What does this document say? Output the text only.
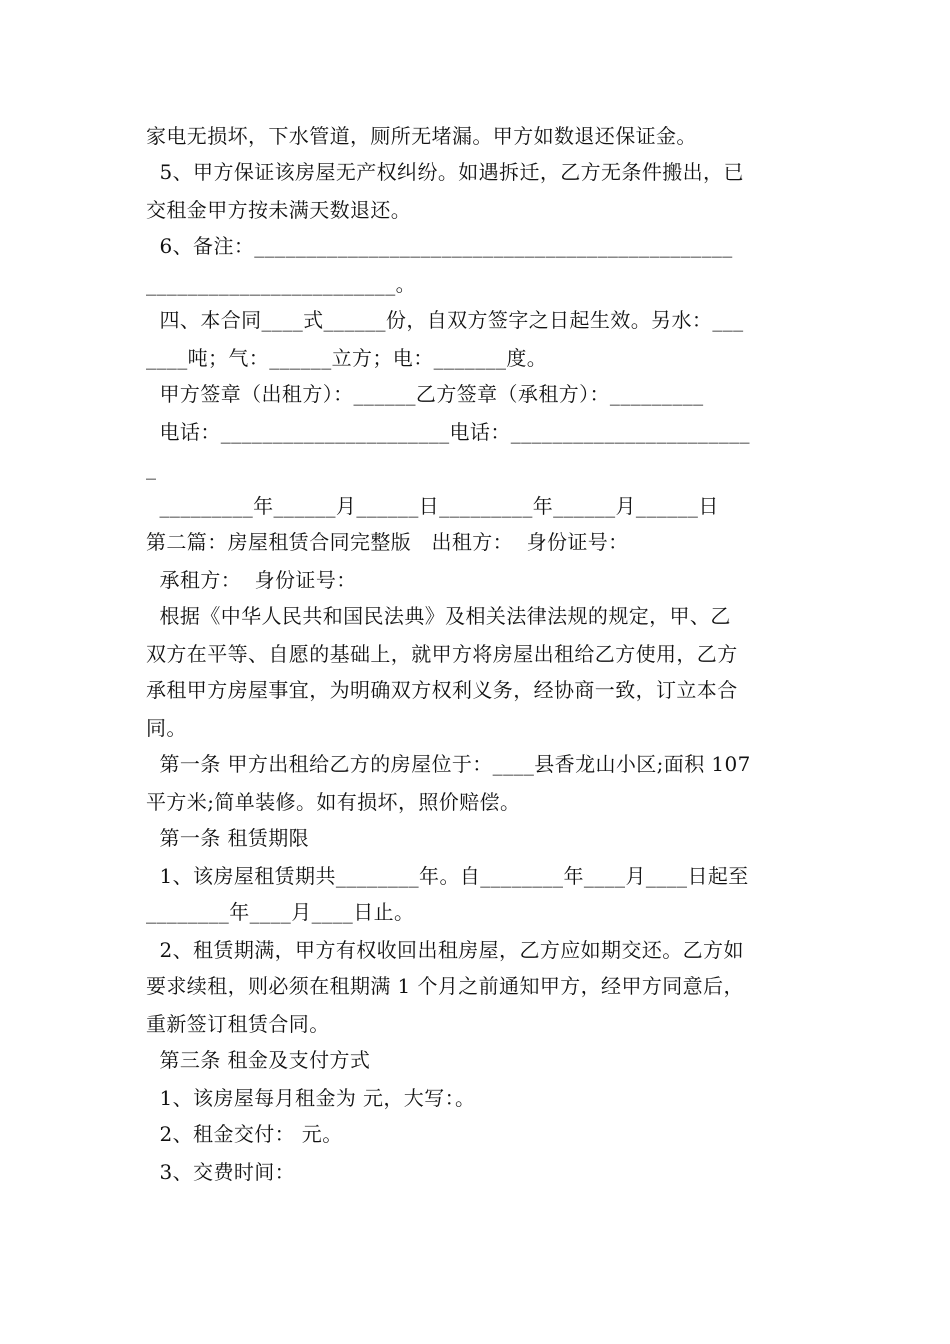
家电无损坏，下水管道，厕所无堵漏。甲方如数退还保证金。
5、甲方保证该房屋无产权纠纷。如遇拆迁，乙方无条件搬出，已
交租金甲方按未满天数退还。
6、备注：______________________________________________
________________________。
四、本合同____式______份，自双方签字之日起生效。另水：___
____吨；气：______立方；电：_______度。
甲方签章（出租方）：______乙方签章（承租方）：_________
电话：______________________电话：_______________________
_
_________年______月______日_________年______月______日
第二篇：房屋租赁合同完整版   出租方：  身份证号：
承租方：  身份证号：
根据《中华人民共和国民法典》及相关法律法规的规定，甲、乙
双方在平等、自愿的基础上，就甲方将房屋出租给乙方使用，乙方
承租甲方房屋事宜，为明确双方权利义务，经协商一致，订立本合
同。
第一条 甲方出租给乙方的房屋位于：____县香龙山小区;面积 107
平方米;简单装修。如有损坏，照价赔偿。
第一条 租赁期限
1、该房屋租赁期共________年。自________年____月____日起至
________年____月____日止。
2、租赁期满，甲方有权收回出租房屋，乙方应如期交还。乙方如
要求续租，则必须在租期满 1 个月之前通知甲方，经甲方同意后，
重新签订租赁合同。
第三条 租金及支付方式
1、该房屋每月租金为 元，大写：。
2、租金交付： 元。
3、交费时间：
